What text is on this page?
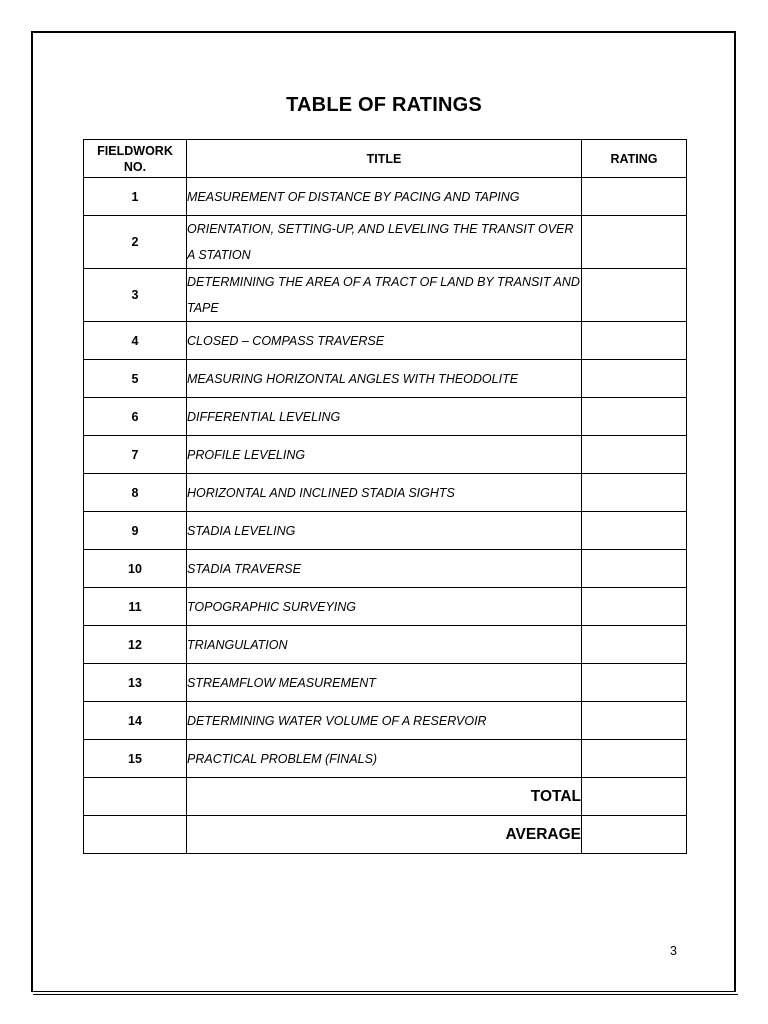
TABLE OF RATINGS
FIELDWORK NO.	TITLE	RATING
1	MEASUREMENT OF DISTANCE BY PACING AND TAPING	
2	ORIENTATION, SETTING-UP, AND LEVELING THE TRANSIT OVER A STATION	
3	DETERMINING THE AREA OF A TRACT OF LAND BY TRANSIT AND TAPE	
4	CLOSED – COMPASS TRAVERSE	
5	MEASURING HORIZONTAL ANGLES WITH THEODOLITE	
6	DIFFERENTIAL LEVELING	
7	PROFILE LEVELING	
8	HORIZONTAL AND INCLINED STADIA SIGHTS	
9	STADIA LEVELING	
10	STADIA TRAVERSE	
11	TOPOGRAPHIC SURVEYING	
12	TRIANGULATION	
13	STREAMFLOW MEASUREMENT	
14	DETERMINING WATER VOLUME OF A RESERVOIR	
15	PRACTICAL PROBLEM (FINALS)	
	TOTAL	
	AVERAGE	
3
